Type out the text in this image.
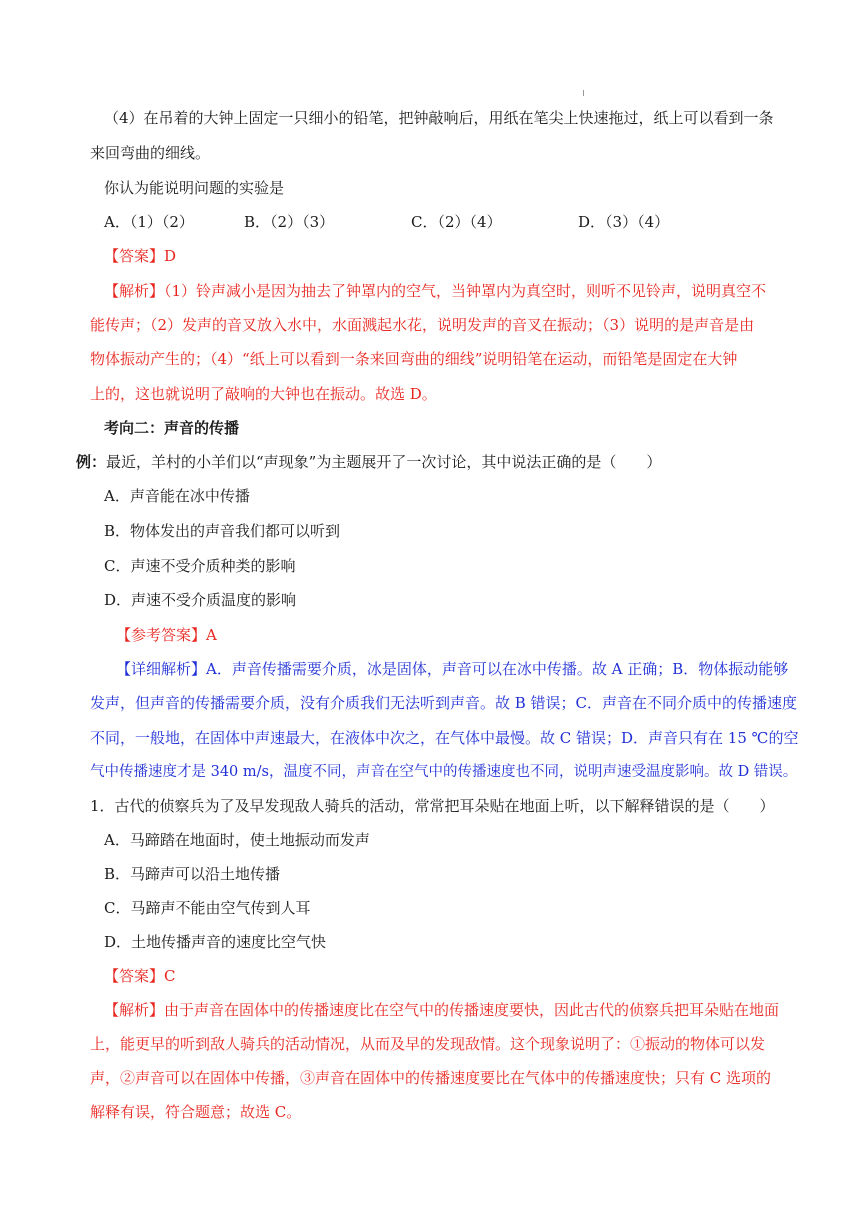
（4）在吊着的大钟上固定一只细小的铅笔，把钟敲响后，用纸在笔尖上快速拖过，纸上可以看到一条
来回弯曲的细线。
你认为能说明问题的实验是
A．（1）（2）	B．（2）（3）	C．（2）（4）	D．（3）（4）
【答案】D
【解析】（1）铃声减小是因为抽去了钟罩内的空气，当钟罩内为真空时，则听不见铃声，说明真空不
能传声；（2）发声的音叉放入水中，水面溅起水花，说明发声的音叉在振动；（3）说明的是声音是由
物体振动产生的；（4）“纸上可以看到一条来回弯曲的细线”说明铅笔在运动，而铅笔是固定在大钟
上的，这也就说明了敲响的大钟也在振动。故选 D。
考向二：声音的传播
例：最近，羊村的小羊们以“声现象”为主题展开了一次讨论，其中说法正确的是（　　）
A．声音能在冰中传播
B．物体发出的声音我们都可以听到
C．声速不受介质种类的影响
D．声速不受介质温度的影响
【参考答案】A
【详细解析】A．声音传播需要介质，冰是固体，声音可以在冰中传播。故 A 正确；B．物体振动能够
发声，但声音的传播需要介质，没有介质我们无法听到声音。故 B 错误；C．声音在不同介质中的传播速度
不同，一般地，在固体中声速最大，在液体中次之，在气体中最慢。故 C 错误；D．声音只有在 15 ℃的空
气中传播速度才是 340 m/s，温度不同，声音在空气中的传播速度也不同，说明声速受温度影响。故 D 错误。
1．古代的侦察兵为了及早发现敌人骑兵的活动，常常把耳朵贴在地面上听，以下解释错误的是（　　）
A．马蹄踏在地面时，使土地振动而发声
B．马蹄声可以沿土地传播
C．马蹄声不能由空气传到人耳
D．土地传播声音的速度比空气快
【答案】C
【解析】由于声音在固体中的传播速度比在空气中的传播速度要快，因此古代的侦察兵把耳朵贴在地面
上，能更早的听到敌人骑兵的活动情况，从而及早的发现敌情。这个现象说明了：①振动的物体可以发
声，②声音可以在固体中传播，③声音在固体中的传播速度要比在气体中的传播速度快；只有 C 选项的
解释有误，符合题意；故选 C。
